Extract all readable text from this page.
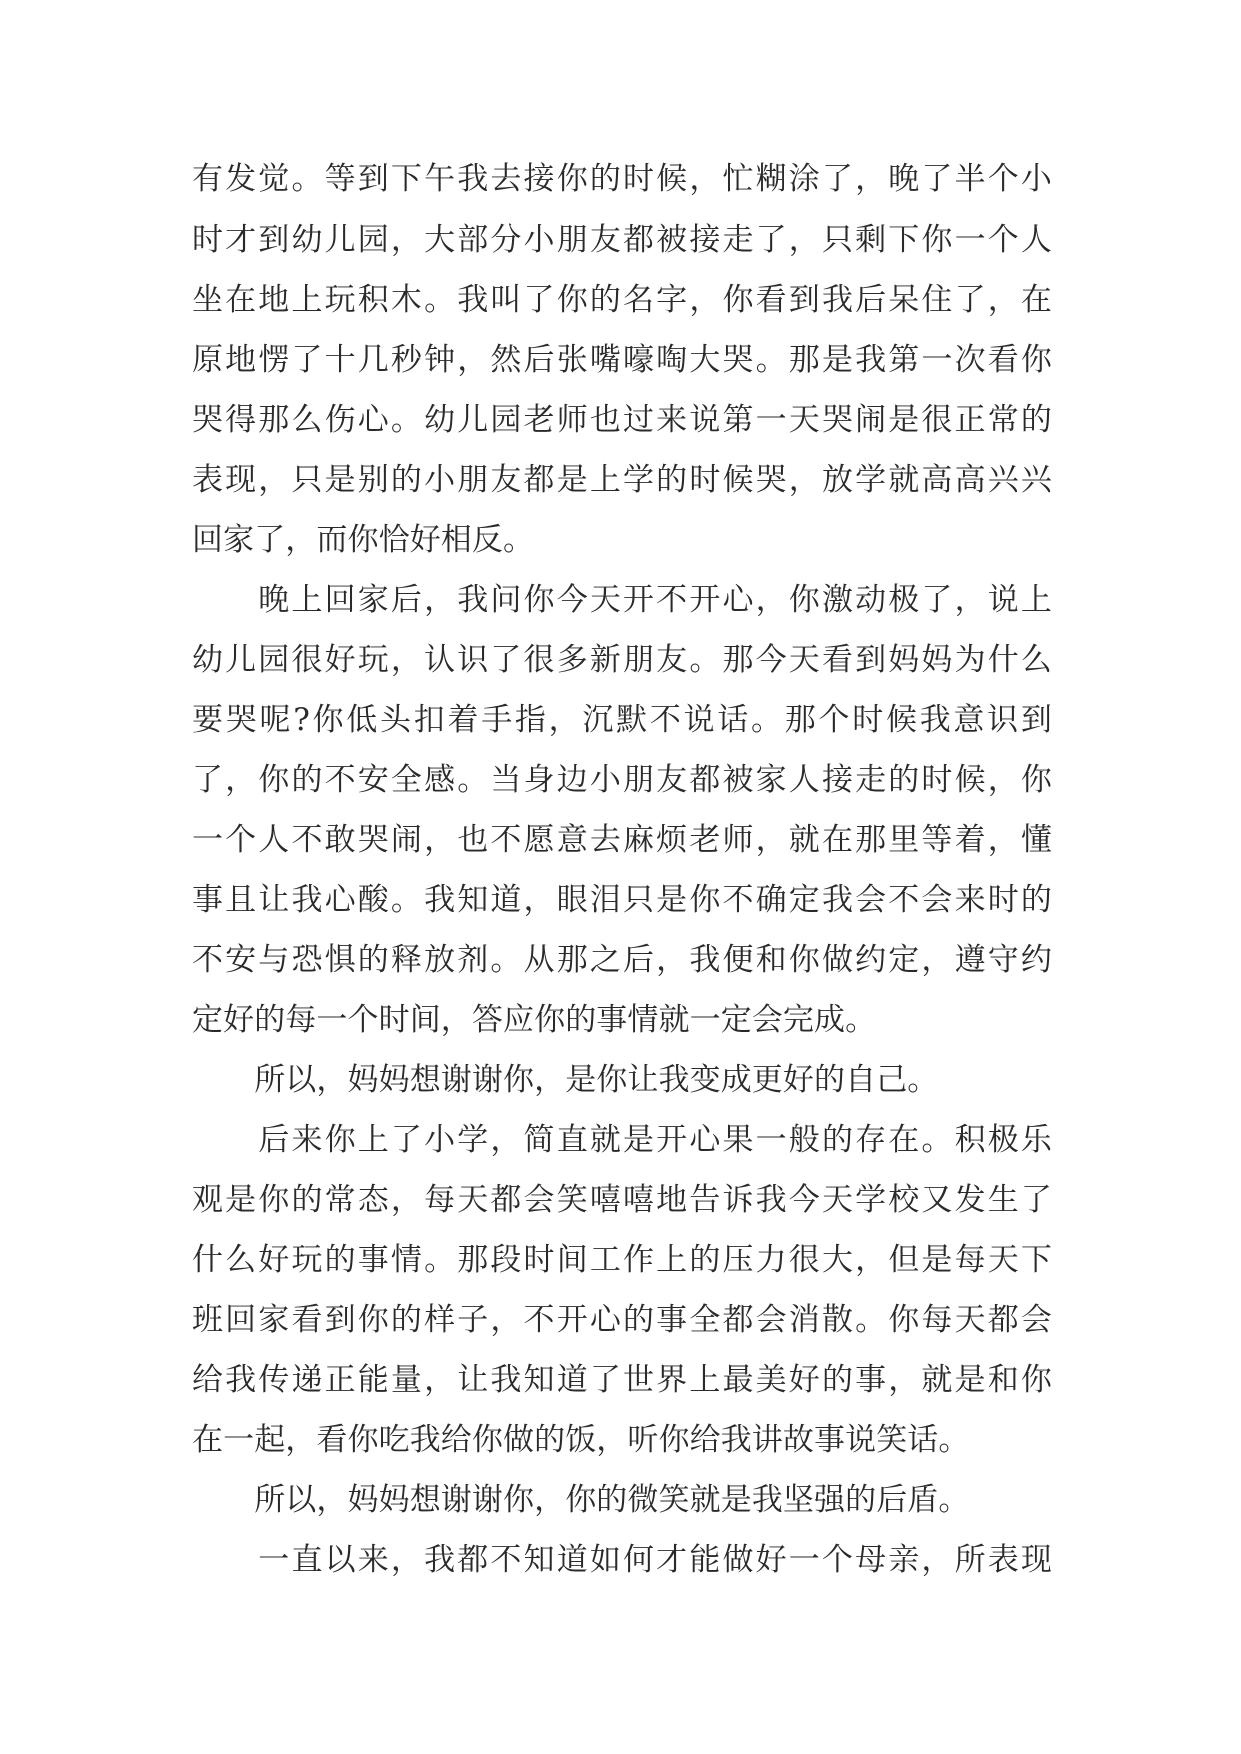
有发觉。等到下午我去接你的时候，忙糊涂了，晚了半个小
时才到幼儿园，大部分小朋友都被接走了，只剩下你一个人
坐在地上玩积木。我叫了你的名字，你看到我后呆住了，在
原地愣了十几秒钟，然后张嘴嚎啕大哭。那是我第一次看你
哭得那么伤心。幼儿园老师也过来说第一天哭闹是很正常的
表现，只是别的小朋友都是上学的时候哭，放学就高高兴兴
回家了，而你恰好相反。
　　晚上回家后，我问你今天开不开心，你激动极了，说上
幼儿园很好玩，认识了很多新朋友。那今天看到妈妈为什么
要哭呢?你低头扣着手指，沉默不说话。那个时候我意识到
了，你的不安全感。当身边小朋友都被家人接走的时候，你
一个人不敢哭闹，也不愿意去麻烦老师，就在那里等着，懂
事且让我心酸。我知道，眼泪只是你不确定我会不会来时的
不安与恐惧的释放剂。从那之后，我便和你做约定，遵守约
定好的每一个时间，答应你的事情就一定会完成。
　　所以，妈妈想谢谢你，是你让我变成更好的自己。
　　后来你上了小学，简直就是开心果一般的存在。积极乐
观是你的常态，每天都会笑嘻嘻地告诉我今天学校又发生了
什么好玩的事情。那段时间工作上的压力很大，但是每天下
班回家看到你的样子，不开心的事全都会消散。你每天都会
给我传递正能量，让我知道了世界上最美好的事，就是和你
在一起，看你吃我给你做的饭，听你给我讲故事说笑话。
　　所以，妈妈想谢谢你，你的微笑就是我坚强的后盾。
　　一直以来，我都不知道如何才能做好一个母亲，所表现
